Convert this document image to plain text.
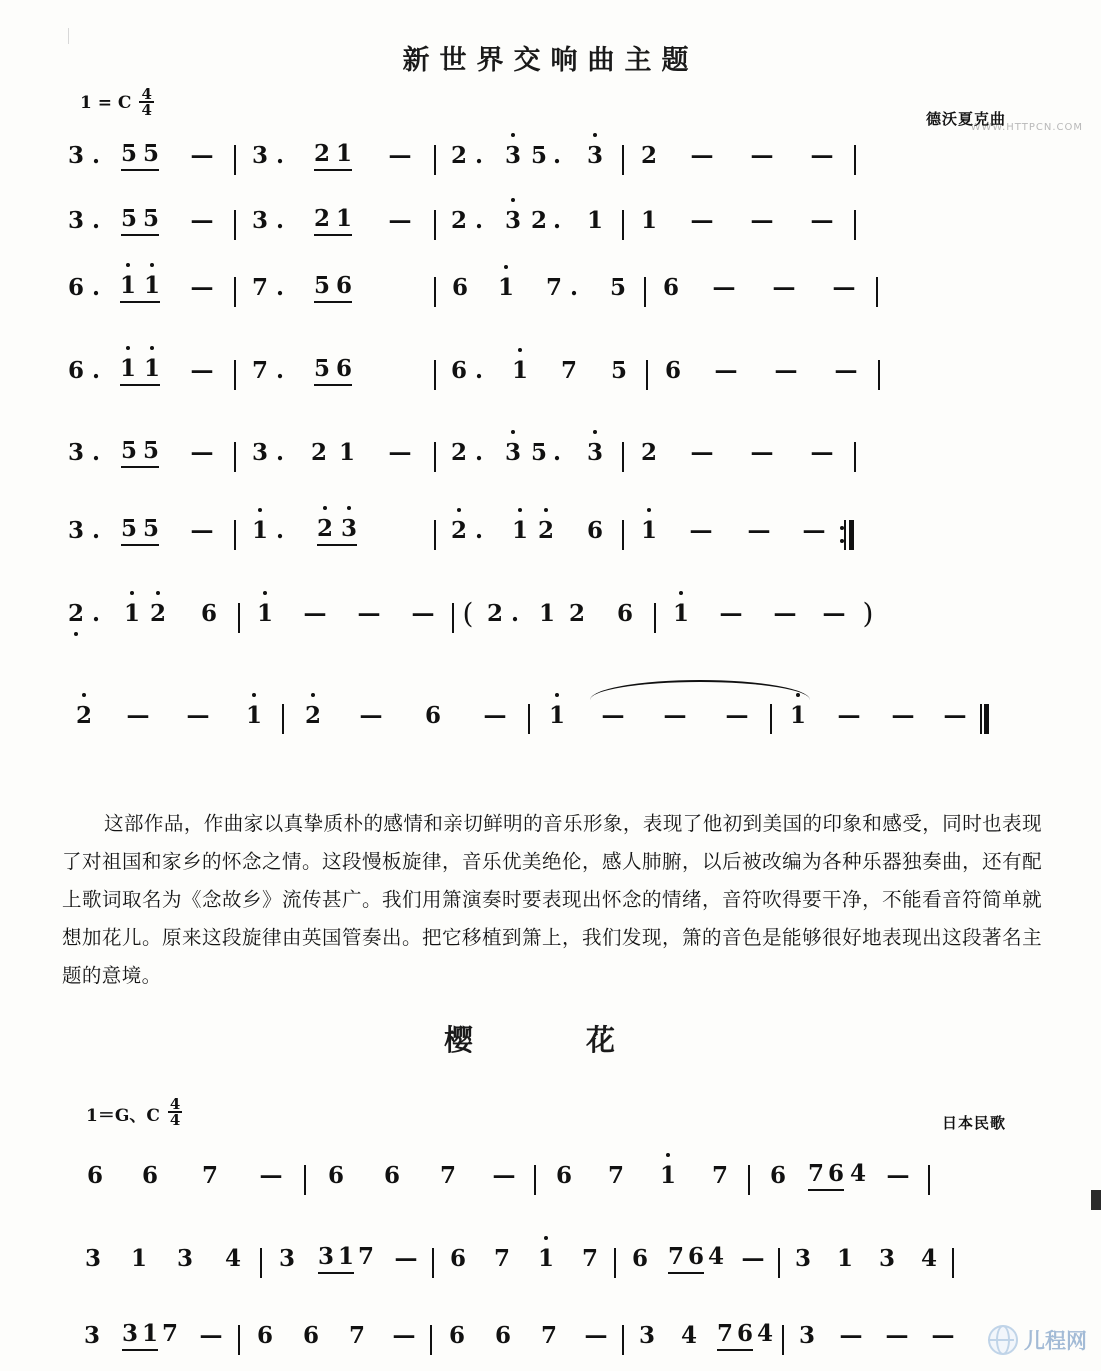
WWW.HTTPCN.COM
新世界交响曲主题
1 = C $\frac{4}{4}$
德沃夏克曲
3 . 5 5	—	3 .	2 1	—	2 . 3 5 .	3	2	—	—	—
3 . 5 5	—	3 .	2 1	—	2 . 3 2 .	1	1	—	—	—
6 . 1 1	—	7 .	5 6	6	1	7 .	5	6	—	—	—
6 . 1 1	—	7 .	5 6	6 .	1	7	5	6	—	—	—
3 . 5 5	—	3 .	2 1	—	2 . 3 5 .	3	2	—	—	—
3 . 5 5	—	1 .	2 3	2 .	1 2	6	1	—	—	—
2 .	1 2	6	1	—	—	—	( 2 . 1 2	6	1	—	—	— )
2	—	—	1 2	—	6	—	1	—	—	—	1	—	—	—
这部作品，作曲家以真挚质朴的感情和亲切鲜明的音乐形象，表现了他初到美国的印象和感受，同时也表现了对祖国和家乡的怀念之情。这段慢板旋律，音乐优美绝伦，感人肺腑，以后被改编为各种乐器独奏曲，还有配上歌词取名为《念故乡》流传甚广。我们用箫演奏时要表现出怀念的情绪，音符吹得要干净，不能看音符简单就想加花儿。原来这段旋律由英国管奏出。把它移植到箫上，我们发现，箫的音色是能够很好地表现出这段著名主题的意境。
樱　花
1＝G、C $\frac{4}{4}$	日本民歌
6	6	7	—	6	6	7	—	6	7	1	7	6 7 6 4 —
3	1	3	4	3 3 1 7 —	6	7	1	7	6 7 6 4 —	3	1	3	4
3 3 1 7 —	6	6	7	—	6	6	7	—	3	4 7 6 4	3	—	—	—	儿程网
